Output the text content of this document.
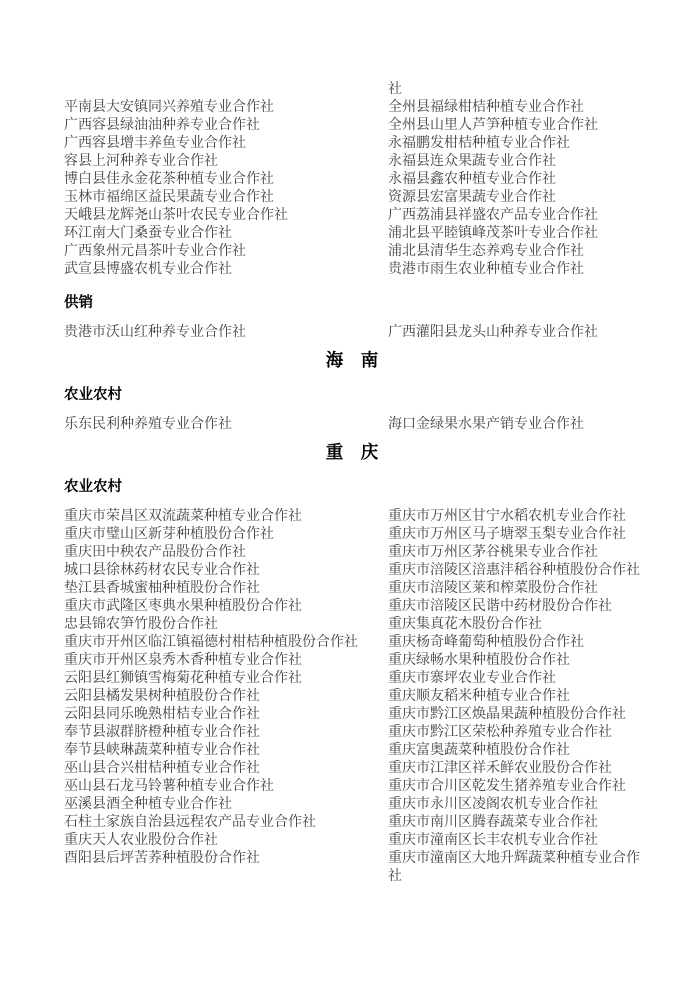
社
平南县大安镇同兴养殖专业合作社	全州县福绿柑桔种植专业合作社
广西容县绿油油种养专业合作社	全州县山里人芦笋种植专业合作社
广西容县增丰养鱼专业合作社	永福鹏发柑桔种植专业合作社
容县上河种养专业合作社	永福县连众果蔬专业合作社
博白县佳永金花茶种植专业合作社	永福县鑫农种植专业合作社
玉林市福绵区益民果蔬专业合作社	资源县宏富果蔬专业合作社
天峨县龙辉尧山茶叶农民专业合作社	广西荔浦县祥盛农产品专业合作社
环江南大门桑蚕专业合作社	浦北县平睦镇峰茂茶叶专业合作社
广西象州元昌茶叶专业合作社	浦北县清华生态养鸡专业合作社
武宣县博盛农机专业合作社	贵港市雨生农业种植专业合作社
供销
贵港市沃山红种养专业合作社	广西灌阳县龙头山种养专业合作社
海　南
农业农村
乐东民利种养殖专业合作社	海口金绿果水果产销专业合作社
重　庆
农业农村
重庆市荣昌区双流蔬菜种植专业合作社	重庆市万州区甘宁水稻农机专业合作社
重庆市璧山区新芽种植股份合作社	重庆市万州区马子塘翠玉梨专业合作社
重庆田中秧农产品股份合作社	重庆市万州区茅谷桃果专业合作社
城口县徐林药材农民专业合作社	重庆市涪陵区涪惠沣稻谷种植股份合作社
垫江县香城蜜柚种植股份合作社	重庆市涪陵区莱和榨菜股份合作社
重庆市武隆区枣典水果种植股份合作社	重庆市涪陵区民谐中药材股份合作社
忠县锦农笋竹股份合作社	重庆集真花木股份合作社
重庆市开州区临江镇福德村柑桔种植股份合作社	重庆杨奇峰葡萄种植股份合作社
重庆市开州区泉秀木香种植专业合作社	重庆绿畅水果种植股份合作社
云阳县红狮镇雪梅菊花种植专业合作社	重庆市寨坪农业专业合作社
云阳县橘发果树种植股份合作社	重庆顺友稻米种植专业合作社
云阳县同乐晚熟柑桔专业合作社	重庆市黔江区焕晶果蔬种植股份合作社
奉节县淑群脐橙种植专业合作社	重庆市黔江区荣松种养殖专业合作社
奉节县峡琳蔬菜种植专业合作社	重庆富奥蔬菜种植股份合作社
巫山县合兴柑桔种植专业合作社	重庆市江津区祥禾鲜农业股份合作社
巫山县石龙马铃薯种植专业合作社	重庆市合川区乾发生猪养殖专业合作社
巫溪县酒全种植专业合作社	重庆市永川区凌阁农机专业合作社
石柱土家族自治县远程农产品专业合作社	重庆市南川区腾春蔬菜专业合作社
重庆天人农业股份合作社	重庆市潼南区长丰农机专业合作社
酉阳县后坪苦荞种植股份合作社	重庆市潼南区大地升辉蔬菜种植专业合作社
